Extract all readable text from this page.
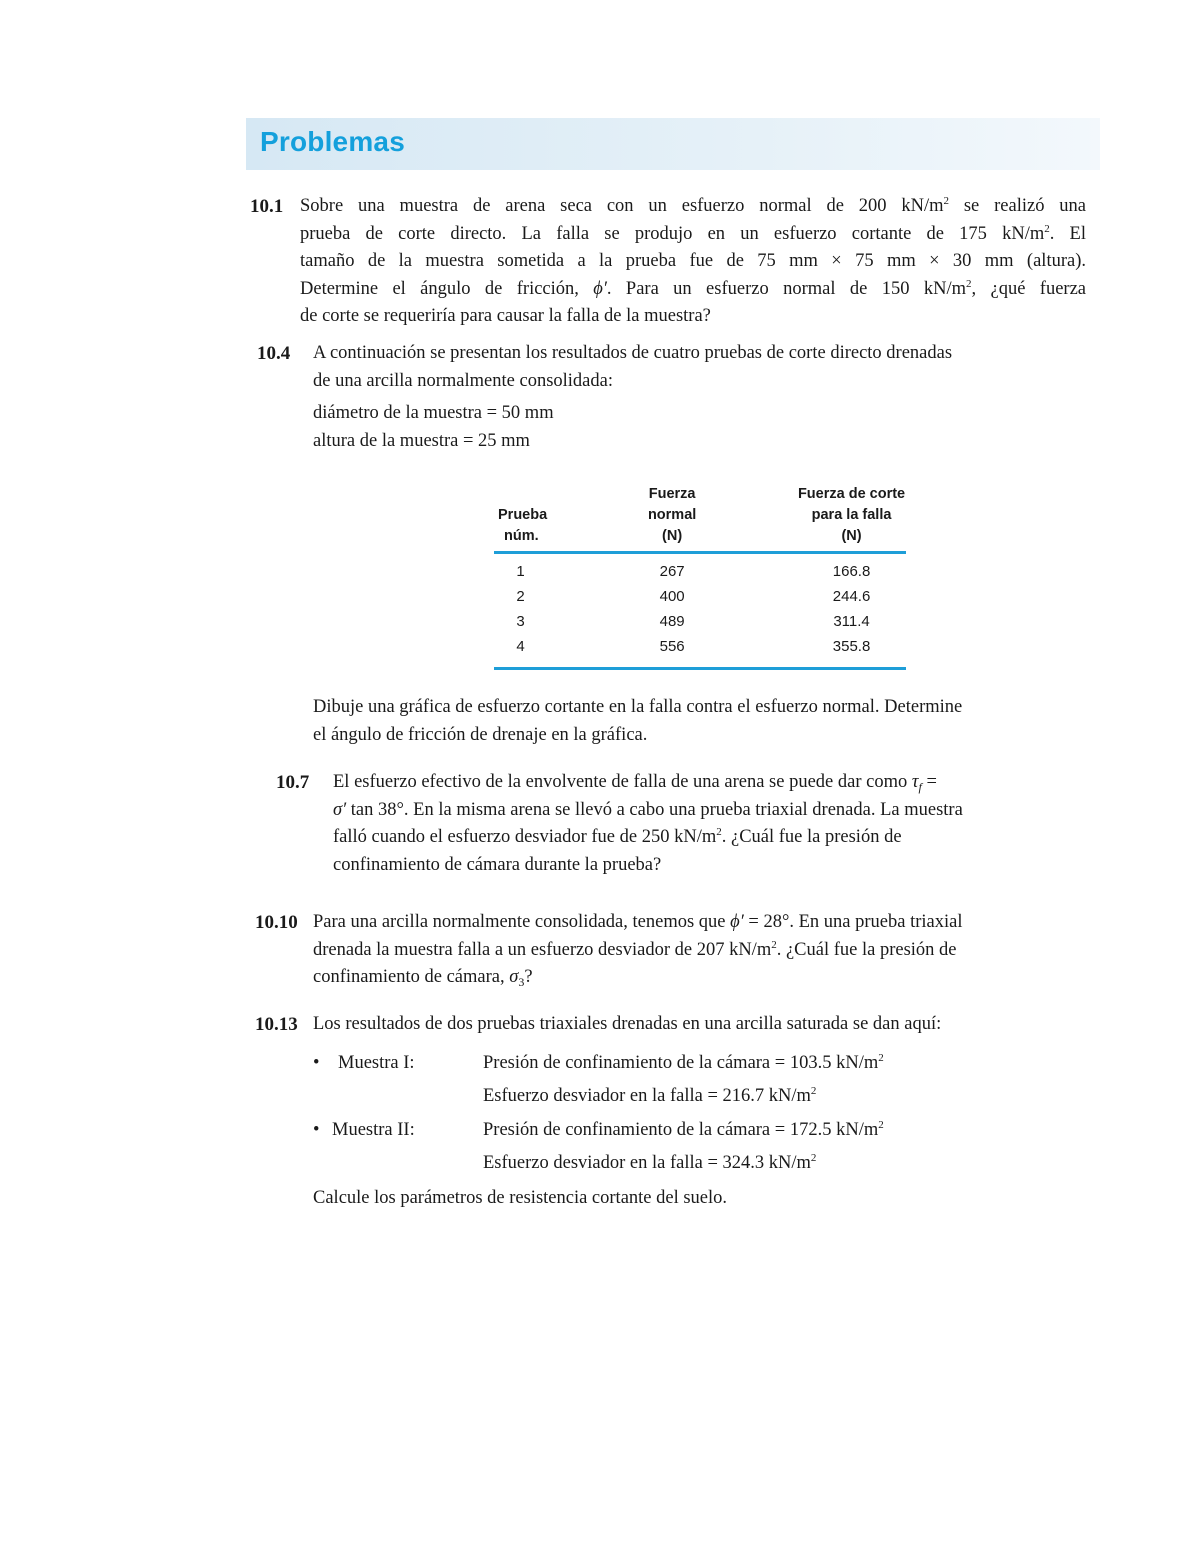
Problemas
10.1 Sobre una muestra de arena seca con un esfuerzo normal de 200 $kN/m^2$ se realizó una
prueba de corte directo. La falla se produjo en un esfuerzo cortante de 175 $kN/m^2$. El
tamaño de la muestra sometida a la prueba fue de 75 mm × 75 mm × 30 mm (altura).
Determine el ángulo de fricción, ϕ′. Para un esfuerzo normal de 150 $kN/m^2$, ¿qué fuerza
de corte se requeriría para causar la falla de la muestra?
10.4 A continuación se presentan los resultados de cuatro pruebas de corte directo drenadas
de una arcilla normalmente consolidada:
diámetro de la muestra = 50 mm
altura de la muestra = 25 mm
Prueba
núm.	Fuerza
normal
(N)	Fuerza de corte
para la falla
(N)

1	267	166.8
2	400	244.6
3	489	311.4
4	556	355.8
Dibuje una gráfica de esfuerzo cortante en la falla contra el esfuerzo normal. Determine
el ángulo de fricción de drenaje en la gráfica.
10.7 El esfuerzo efectivo de la envolvente de falla de una arena se puede dar como $\tau_f$ =
σ′ tan 38°. En la misma arena se llevó a cabo una prueba triaxial drenada. La muestra
falló cuando el esfuerzo desviador fue de 250 $kN/m^2$. ¿Cuál fue la presión de
confinamiento de cámara durante la prueba?
10.10 Para una arcilla normalmente consolidada, tenemos que ϕ′ = 28°. En una prueba triaxial
drenada la muestra falla a un esfuerzo desviador de 207 $kN/m^2$. ¿Cuál fue la presión de
confinamiento de cámara, $\sigma_3$?
10.13 Los resultados de dos pruebas triaxiales drenadas en una arcilla saturada se dan aquí:
• Muestra I:	Presión de confinamiento de la cámara = 103.5 $kN/m^2$
Esfuerzo desviador en la falla = 216.7 $kN/m^2$
• Muestra II:	Presión de confinamiento de la cámara = 172.5 $kN/m^2$
Esfuerzo desviador en la falla = 324.3 $kN/m^2$
Calcule los parámetros de resistencia cortante del suelo.
